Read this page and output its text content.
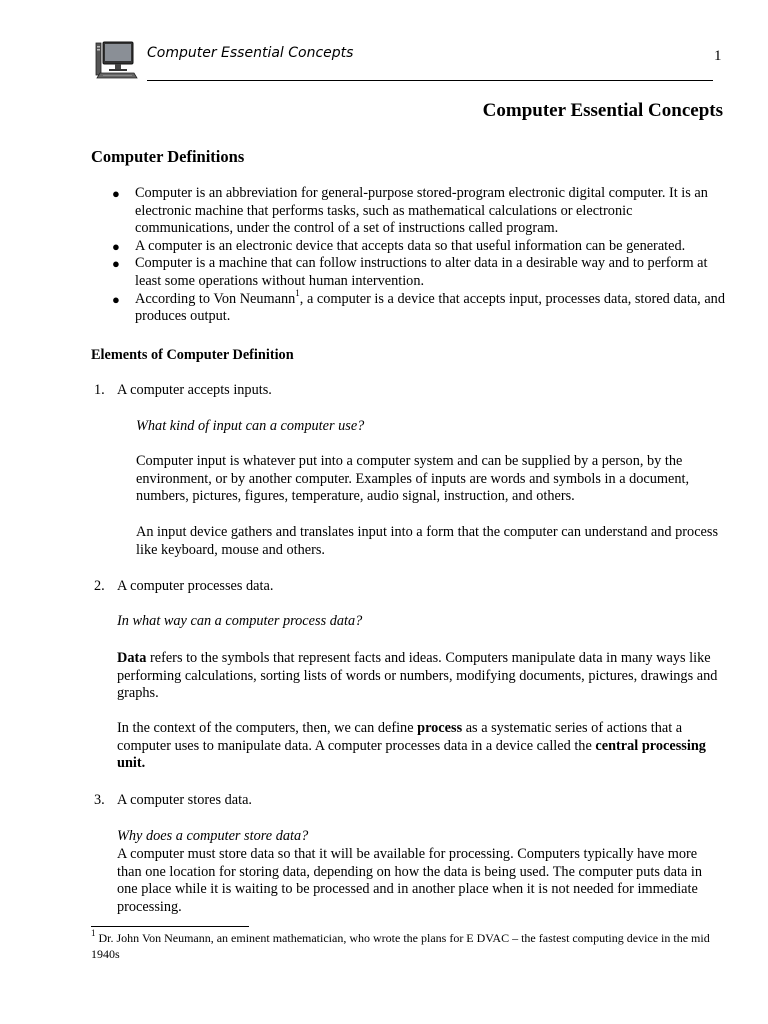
Computer Essential Concepts	1
Computer Essential Concepts
Computer Definitions
● Computer is an abbreviation for general-purpose stored-program electronic digital computer. It is an electronic machine that performs tasks, such as mathematical calculations or electronic communications, under the control of a set of instructions called program.
● A computer is an electronic device that accepts data so that useful information can be generated.
● Computer is a machine that can follow instructions to alter data in a desirable way and to perform at least some operations without human intervention.
● According to Von Neumann$^1$, a computer is a device that accepts input, processes data, stored data, and produces output.
Elements of Computer Definition
1. A computer accepts inputs.

What kind of input can a computer use?

Computer input is whatever put into a computer system and can be supplied by a person, by the environment, or by another computer. Examples of inputs are words and symbols in a document, numbers, pictures, figures, temperature, audio signal, instruction, and others.

An input device gathers and translates input into a form that the computer can understand and process like keyboard, mouse and others.

2. A computer processes data.

In what way can a computer process data?

Data refers to the symbols that represent facts and ideas. Computers manipulate data in many ways like performing calculations, sorting lists of words or numbers, modifying documents, pictures, drawings and graphs.

In the context of the computers, then, we can define process as a systematic series of actions that a computer uses to manipulate data. A computer processes data in a device called the central processing unit.

3. A computer stores data.

Why does a computer store data?

A computer must store data so that it will be available for processing. Computers typically have more than one location for storing data, depending on how the data is being used. The computer puts data in one place while it is waiting to be processed and in another place when it is not needed for immediate processing.

$^1$ Dr. John Von Neumann, an eminent mathematician, who wrote the plans for E DVAC – the fastest computing device in the mid 1940s
